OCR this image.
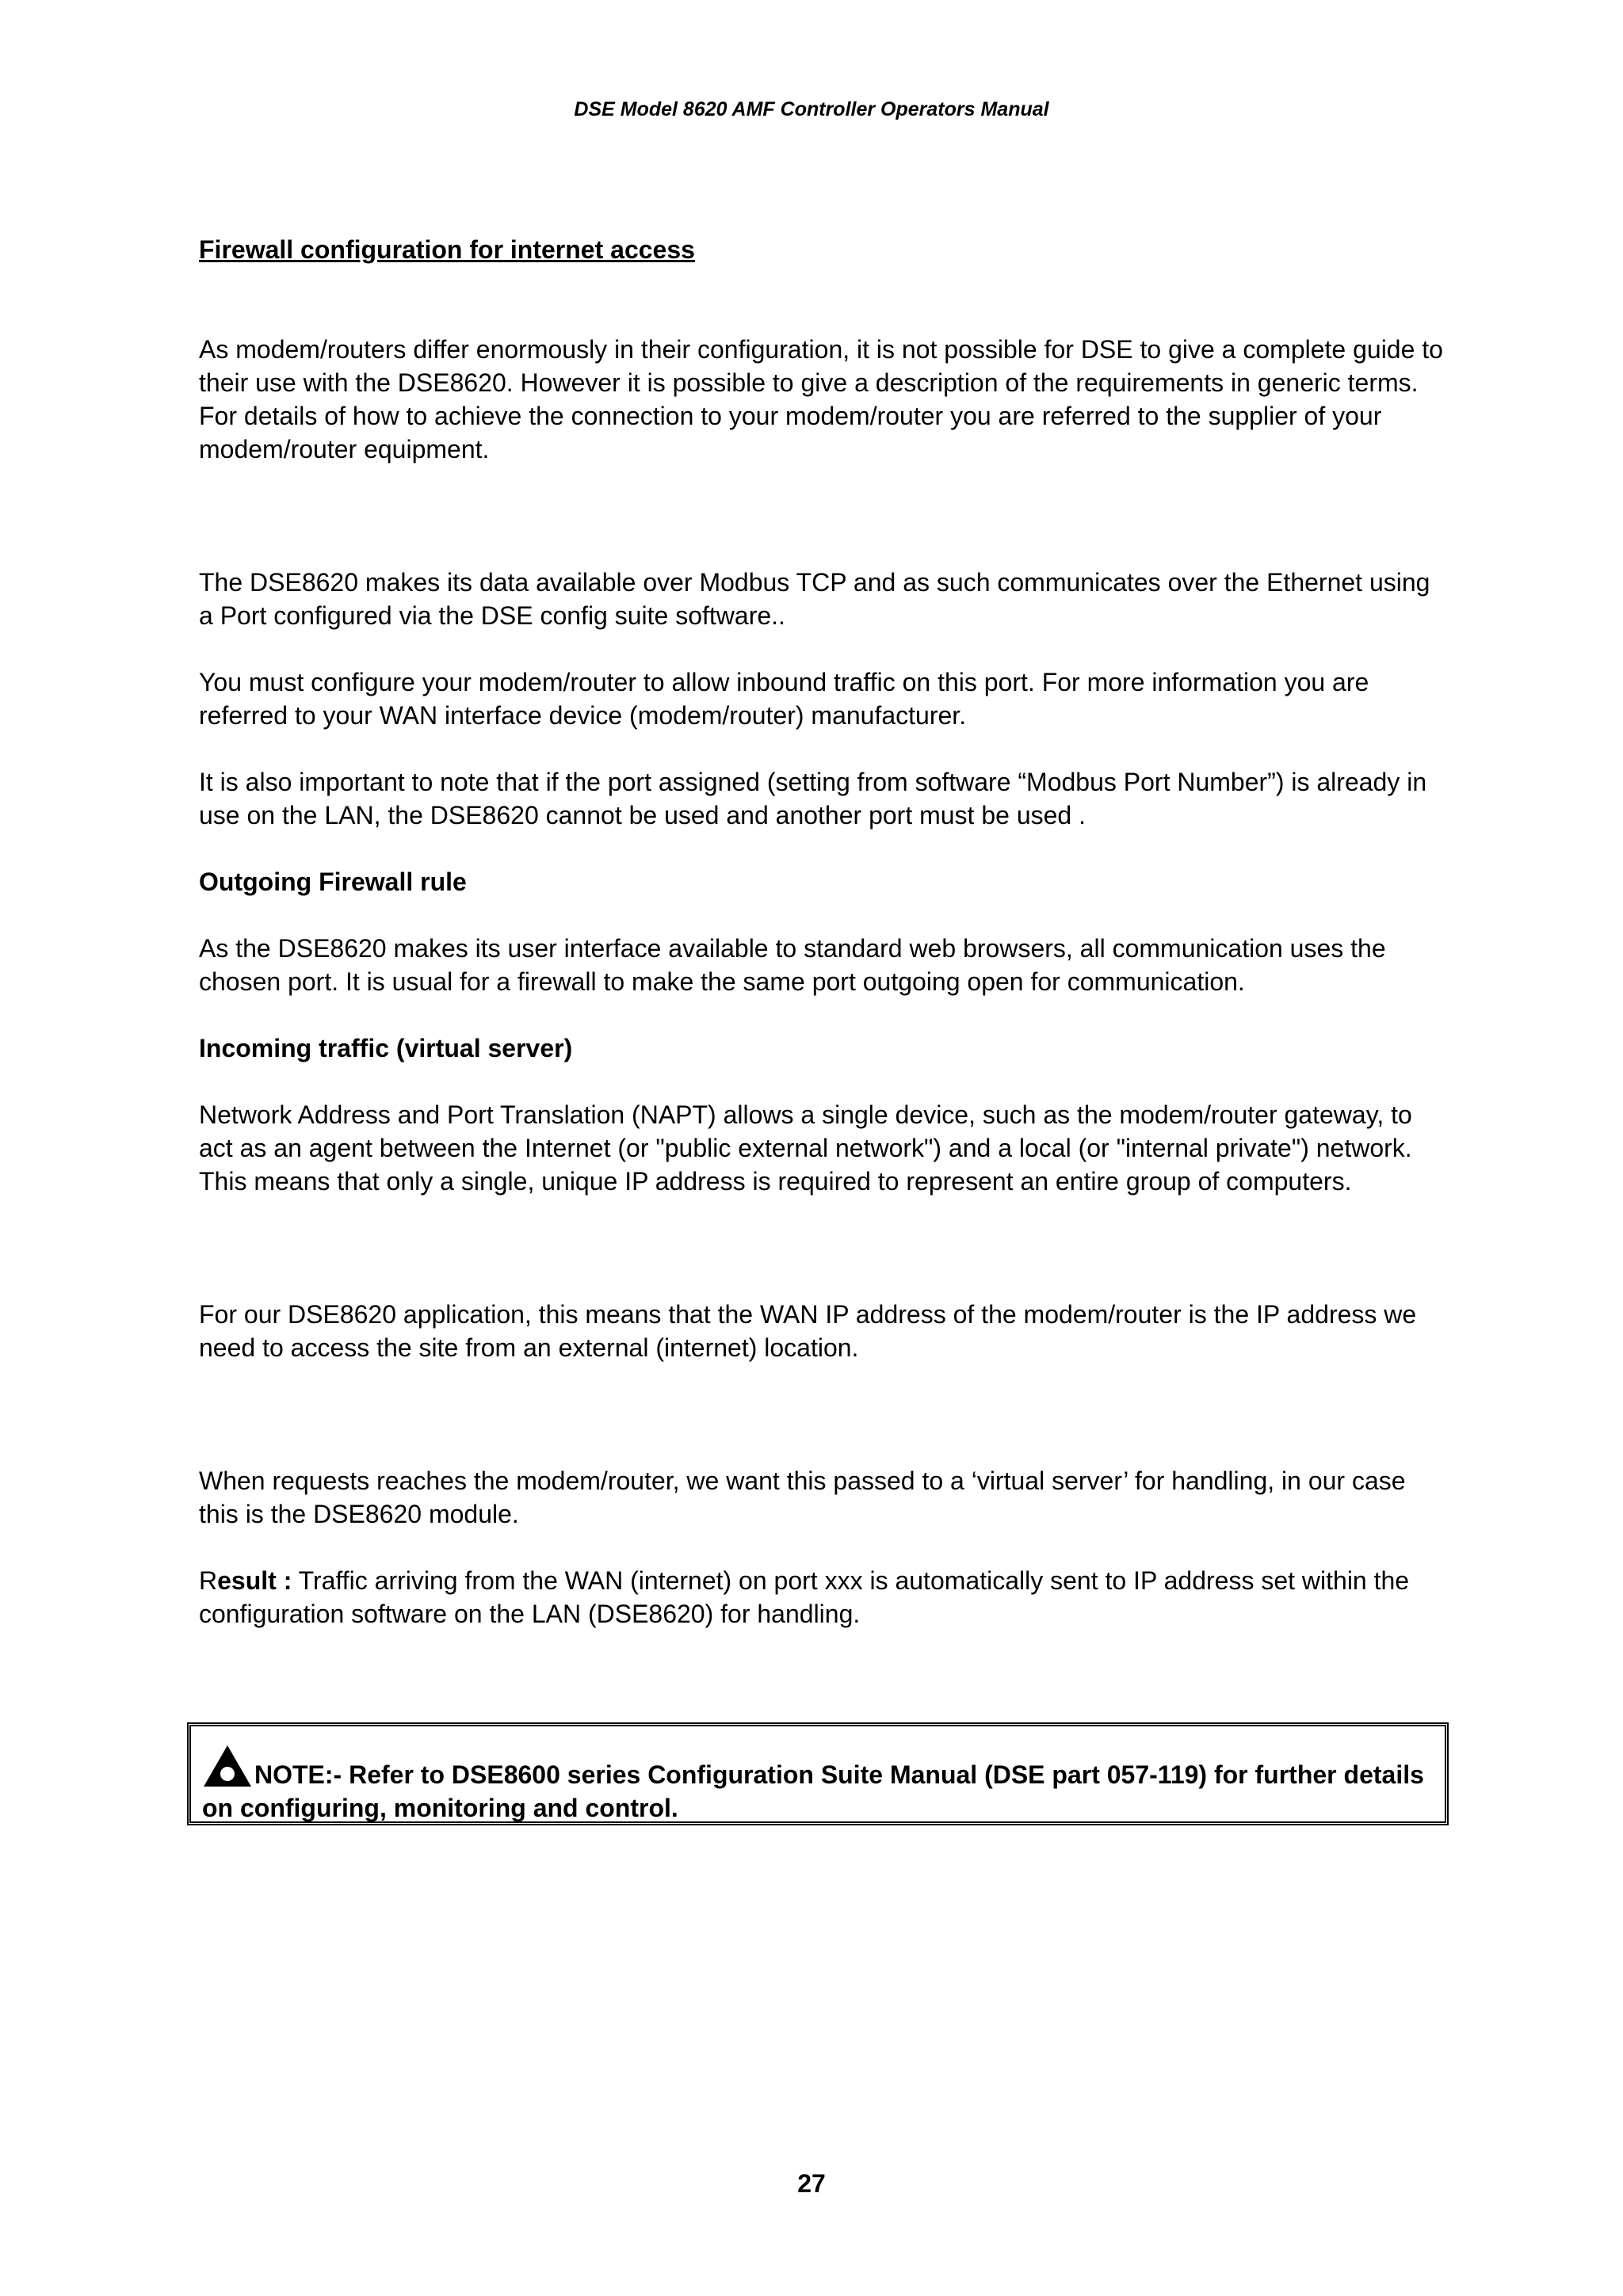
DSE Model 8620 AMF Controller Operators Manual

Firewall configuration for internet access

As modem/routers differ enormously in their configuration, it is not possible for DSE to give a complete guide to their use with the DSE8620. However it is possible to give a description of the requirements in generic terms. For details of how to achieve the connection to your modem/router you are referred to the supplier of your modem/router equipment.

The DSE8620 makes its data available over Modbus TCP and as such communicates over the Ethernet using a Port configured via the DSE config suite software..

You must configure your modem/router to allow inbound traffic on this port. For more information you are referred to your WAN interface device (modem/router) manufacturer.

It is also important to note that if the port assigned (setting from software “Modbus Port Number”) is already in use on the LAN, the DSE8620 cannot be used and another port must be used .

Outgoing Firewall rule

As the DSE8620 makes its user interface available to standard web browsers, all communication uses the chosen port. It is usual for a firewall to make the same port outgoing open for communication.

Incoming traffic (virtual server)

Network Address and Port Translation (NAPT) allows a single device, such as the modem/router gateway, to act as an agent between the Internet (or "public external network") and a local (or "internal private") network. This means that only a single, unique IP address is required to represent an entire group of computers.

For our DSE8620 application, this means that the WAN IP address of the modem/router is the IP address we need to access the site from an external (internet) location.

When requests reaches the modem/router, we want this passed to a ‘virtual server’ for handling, in our case this is the DSE8620 module.

Result : Traffic arriving from the WAN (internet) on port xxx is automatically sent to IP address set within the configuration software on the LAN (DSE8620) for handling.

NOTE:- Refer to DSE8600 series Configuration Suite Manual (DSE part 057-119) for further details on configuring, monitoring and control.
27
